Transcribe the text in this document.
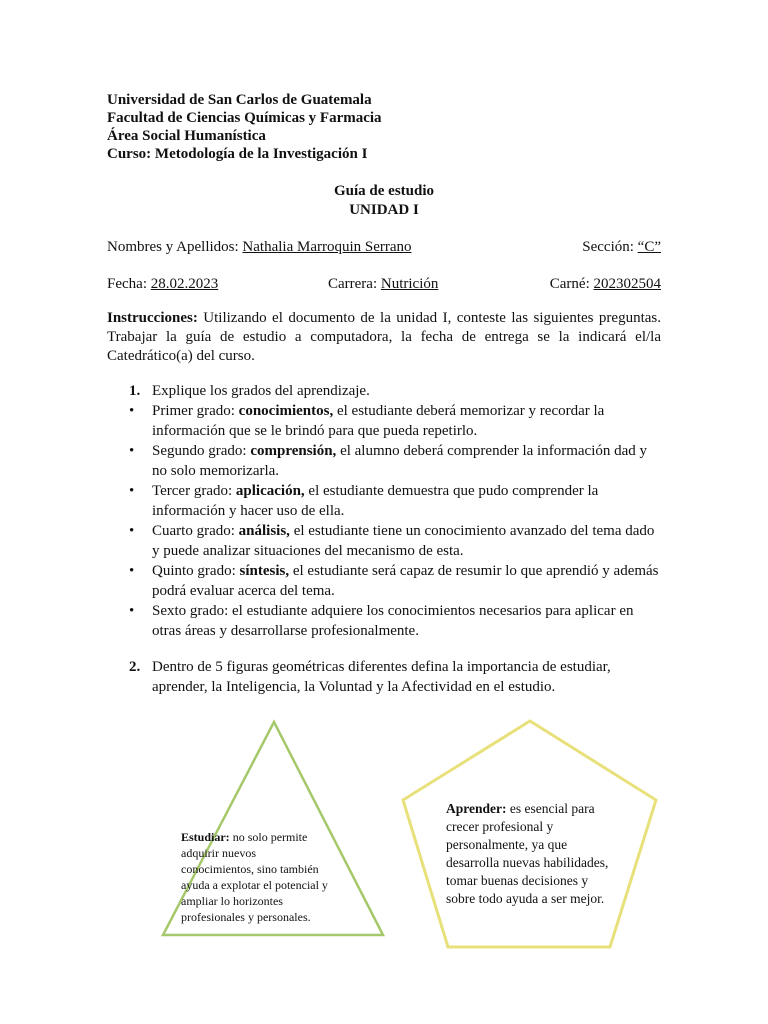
Universidad de San Carlos de Guatemala
Facultad de Ciencias Químicas y Farmacia
Área Social Humanística
Curso: Metodología de la Investigación I
Guía de estudio
UNIDAD I
Nombres y Apellidos: Nathalia Marroquin Serrano	Sección: “C”
Fecha: 28.02.2023	Carrera: Nutrición	Carné: 202302504
Instrucciones: Utilizando el documento de la unidad I, conteste las siguientes preguntas. Trabajar la guía de estudio a computadora, la fecha de entrega se la indicará el/la Catedrático(a) del curso.
1. Explique los grados del aprendizaje.
• Primer grado: conocimientos, el estudiante deberá memorizar y recordar la información que se le brindó para que pueda repetirlo.
• Segundo grado: comprensión, el alumno deberá comprender la información dad y no solo memorizarla.
• Tercer grado: aplicación, el estudiante demuestra que pudo comprender la información y hacer uso de ella.
• Cuarto grado: análisis, el estudiante tiene un conocimiento avanzado del tema dado y puede analizar situaciones del mecanismo de esta.
• Quinto grado: síntesis, el estudiante será capaz de resumir lo que aprendió y además podrá evaluar acerca del tema.
• Sexto grado: el estudiante adquiere los conocimientos necesarios para aplicar en otras áreas y desarrollarse profesionalmente.
2. Dentro de 5 figuras geométricas diferentes defina la importancia de estudiar, aprender, la Inteligencia, la Voluntad y la Afectividad en el estudio.
Estudiar: no solo permite adquirir nuevos conocimientos, sino también ayuda a explotar el potencial y ampliar lo horizontes profesionales y personales.
Aprender: es esencial para crecer profesional y personalmente, ya que desarrolla nuevas habilidades, tomar buenas decisiones y sobre todo ayuda a ser mejor.
